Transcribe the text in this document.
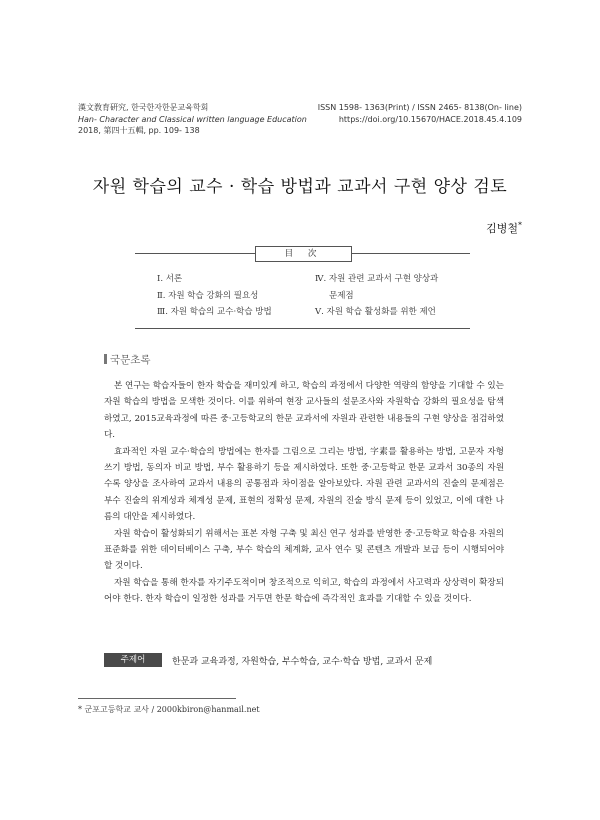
漢文敎育硏究, 한국한자한문교육학회
Han- Character and Classical written language Education
2018, 第四十五輯, pp. 109- 138
ISSN 1598- 1363(Print) / ISSN 2465- 8138(On- line)
https://doi.org/10.15670/HACE.2018.45.4.109
자원 학습의 교수 · 학습 방법과 교과서 구현 양상 검토
김병철*
目 次
Ⅰ. 서론
Ⅱ. 자원 학습 강화의 필요성
Ⅲ. 자원 학습의 교수·학습 방법
Ⅳ. 자원 관련 교과서 구현 양상과
문제점
Ⅴ. 자원 학습 활성화를 위한 제언
국문초록

본 연구는 학습자들이 한자 학습을 재미있게 하고, 학습의 과정에서 다양한 역량의 함양을 기대할 수 있는 자원 학습의 방법을 모색한 것이다. 이를 위하여 현장 교사들의 설문조사와 자원학습 강화의 필요성을 탐색하였고, 2015교육과정에 따른 중·고등학교의 한문 교과서에 자원과 관련한 내용들의 구현 양상을 점검하였다.

효과적인 자원 교수·학습의 방법에는 한자를 그림으로 그리는 방법, 字素를 활용하는 방법, 고문자 자형 쓰기 방법, 동의자 비교 방법, 부수 활용하기 등을 제시하였다. 또한 중·고등학교 한문 교과서 30종의 자원 수록 양상을 조사하여 교과서 내용의 공통점과 차이점을 알아보았다. 자원 관련 교과서의 진술의 문제점은 부수 진술의 위계성과 체계성 문제, 표현의 정확성 문제, 자원의 진술 방식 문제 등이 있었고, 이에 대한 나름의 대안을 제시하였다.

자원 학습이 활성화되기 위해서는 표본 자형 구축 및 최신 연구 성과를 반영한 중·고등학교 학습용 자원의 표준화를 위한 데이터베이스 구축, 부수 학습의 체계화, 교사 연수 및 콘텐츠 개발과 보급 등이 시행되어야 할 것이다.

자원 학습을 통해 한자를 자기주도적이며 창조적으로 익히고, 학습의 과정에서 사고력과 상상력이 확장되어야 한다. 한자 학습이 일정한 성과를 거두면 한문 학습에 즉각적인 효과를 기대할 수 있을 것이다.

주제어	한문과 교육과정, 자원학습, 부수학습, 교수·학습 방법, 교과서 문제
* 군포고등학교 교사 / 2000kbiron@hanmail.net
